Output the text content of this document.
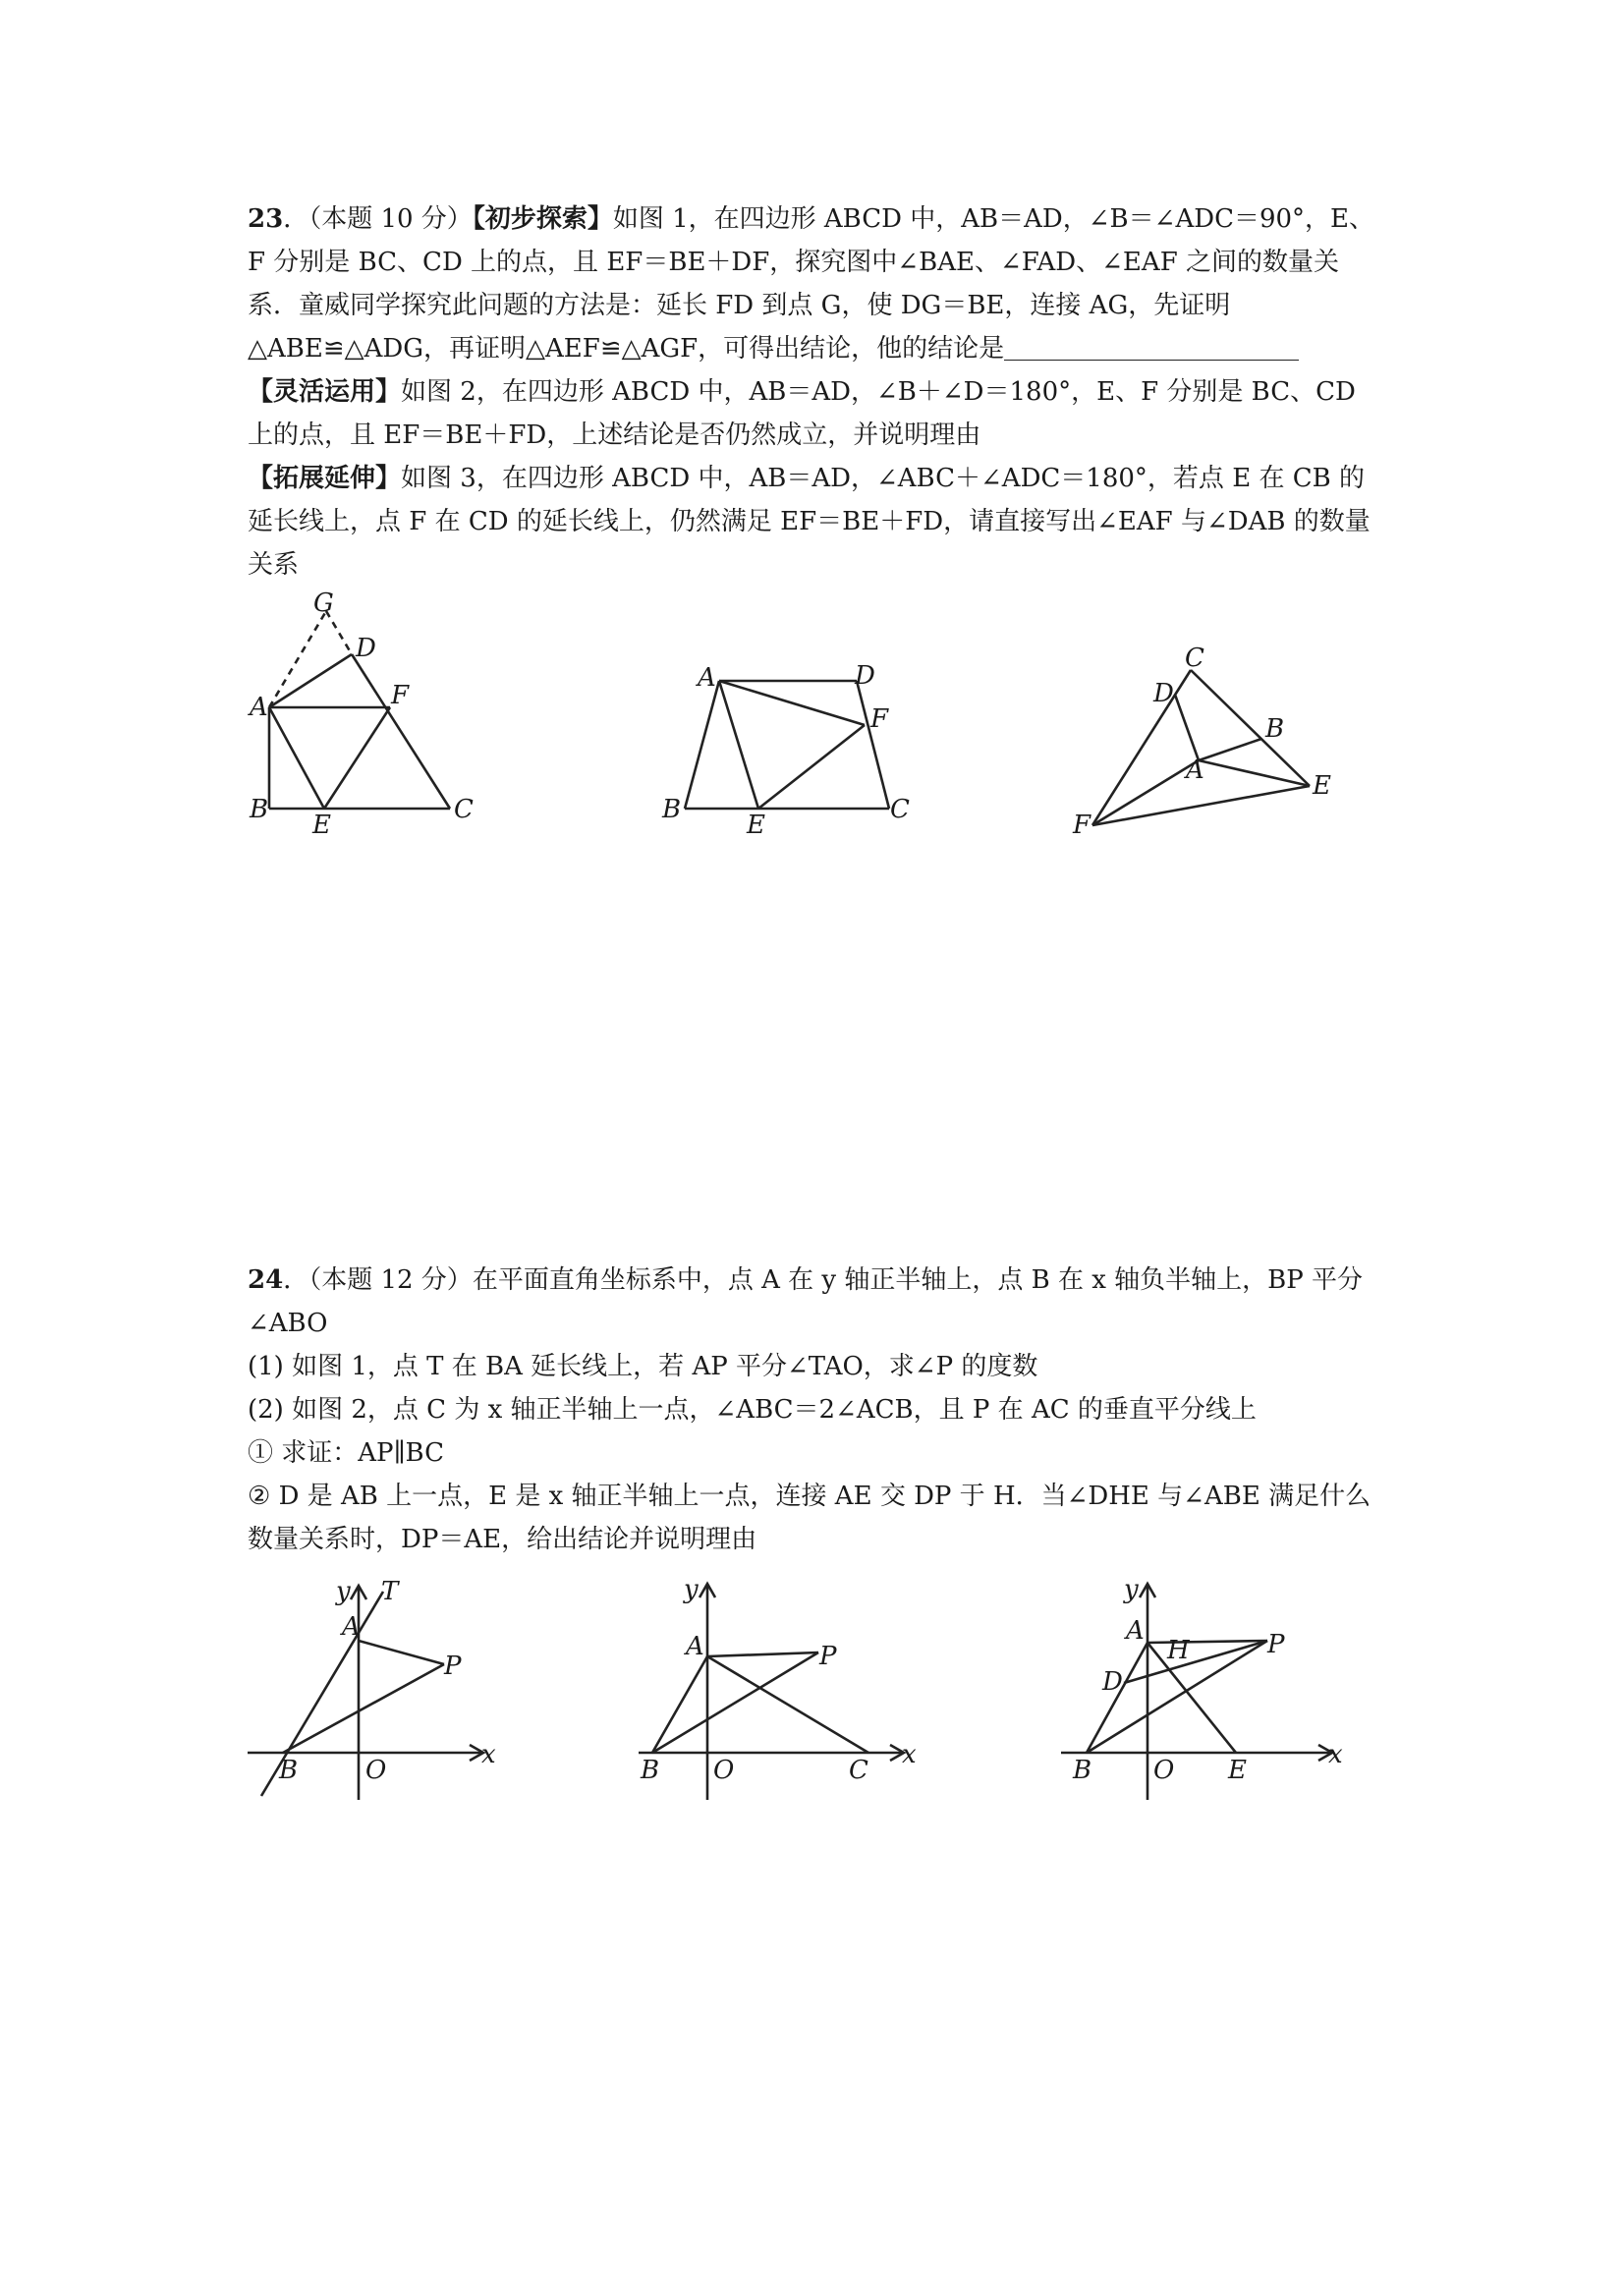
23．（本题 10 分）【初步探索】如图 1，在四边形 ABCD 中，AB＝AD，∠B＝∠ADC＝90°，E、F 分别是 BC、CD 上的点，且 EF＝BE＋DF，探究图中∠BAE、∠FAD、∠EAF 之间的数量关系．童威同学探究此问题的方法是：延长 FD 到点 G，使 DG＝BE，连接 AG，先证明△ABE≌△ADG，再证明△AEF≌△AGF，可得出结论，他的结论是

【灵活运用】如图 2，在四边形 ABCD 中，AB＝AD，∠B＋∠D＝180°，E、F 分别是 BC、CD 上的点，且 EF＝BE＋FD，上述结论是否仍然成立，并说明理由

【拓展延伸】如图 3，在四边形 ABCD 中，AB＝AD，∠ABC＋∠ADC＝180°，若点 E 在 CB 的延长线上，点 F 在 CD 的延长线上，仍然满足 EF＝BE＋FD，请直接写出∠EAF 与∠DAB 的数量关系

G
D
A	F
B
E
C
A	D
F
B
E
C
C
D
B
A
E
F

24．（本题 12 分）在平面直角坐标系中，点 A 在 y 轴正半轴上，点 B 在 x 轴负半轴上，BP 平分∠ABO

(1) 如图 1，点 T 在 BA 延长线上，若 AP 平分∠TAO，求∠P 的度数

(2) 如图 2，点 C 为 x 轴正半轴上一点，∠ABC＝2∠ACB，且 P 在 AC 的垂直平分线上

① 求证：AP∥BC

② D 是 AB 上一点，E 是 x 轴正半轴上一点，连接 AE 交 DP 于 H．当∠DHE 与∠ABE 满足什么数量关系时，DP＝AE，给出结论并说明理由

y T
A
P
B	O
x
y
A	P
B O	C
x
y
A
H	P
D
B O E
x
